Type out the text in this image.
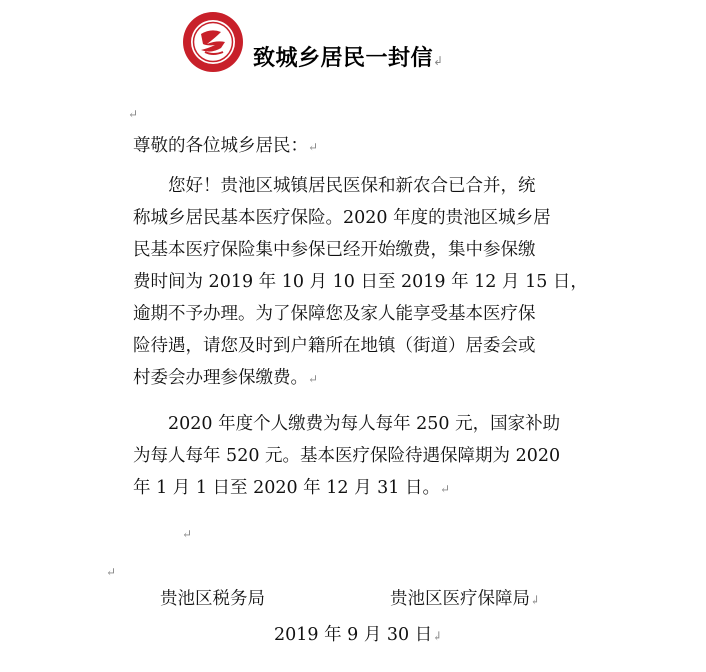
致城乡居民一封信↲
↵

尊敬的各位城乡居民：↵

　　您好！贵池区城镇居民医保和新农合已合并，统

称城乡居民基本医疗保险。2020 年度的贵池区城乡居

民基本医疗保险集中参保已经开始缴费，集中参保缴

费时间为 2019 年 10 月 10 日至 2019 年 12 月 15 日，

逾期不予办理。为了保障您及家人能享受基本医疗保

险待遇，请您及时到户籍所在地镇（街道）居委会或

村委会办理参保缴费。↵

　　2020 年度个人缴费为每人每年 250 元，国家补助

为每人每年 520 元。基本医疗保险待遇保障期为 2020

年 1 月 1 日至 2020 年 12 月 31 日。↵

↵
↵

贵池区税务局	贵池区医疗保障局↲

2019 年 9 月 30 日↲
